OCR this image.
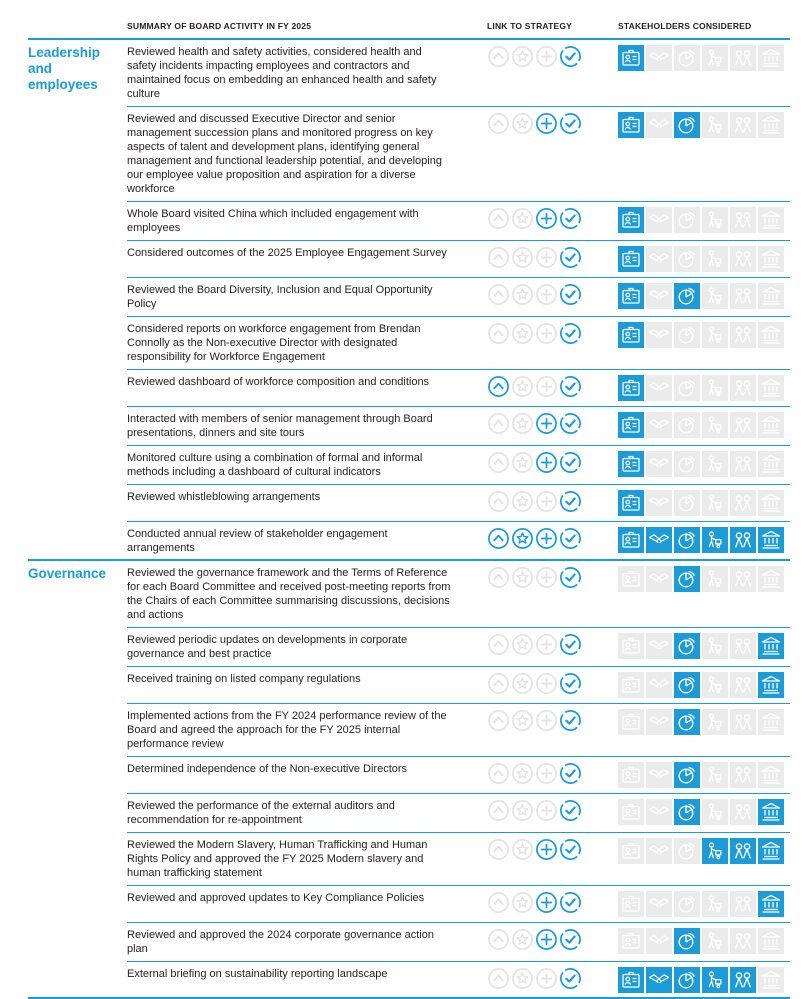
SUMMARY OF BOARD ACTIVITY IN FY 2025	LINK TO STRATEGY	STAKEHOLDERS CONSIDERED
Leadership and employees

Reviewed health and safety activities, considered health and safety incidents impacting employees and contractors and maintained focus on embedding an enhanced health and safety culture

Reviewed and discussed Executive Director and senior management succession plans and monitored progress on key aspects of talent and development plans, identifying general management and functional leadership potential, and developing our employee value proposition and aspiration for a diverse workforce

Whole Board visited China which included engagement with employees

Considered outcomes of the 2025 Employee Engagement Survey

Reviewed the Board Diversity, Inclusion and Equal Opportunity Policy

Considered reports on workforce engagement from Brendan Connolly as the Non-executive Director with designated responsibility for Workforce Engagement

Reviewed dashboard of workforce composition and conditions

Interacted with members of senior management through Board presentations, dinners and site tours

Monitored culture using a combination of formal and informal methods including a dashboard of cultural indicators

Reviewed whistleblowing arrangements

Conducted annual review of stakeholder engagement arrangements

Governance	Reviewed the governance framework and the Terms of Reference for each Board Committee and received post-meeting reports from the Chairs of each Committee summarising discussions, decisions and actions

Reviewed periodic updates on developments in corporate governance and best practice

Received training on listed company regulations

Implemented actions from the FY 2024 performance review of the Board and agreed the approach for the FY 2025 internal performance review

Determined independence of the Non-executive Directors

Reviewed the performance of the external auditors and recommendation for re-appointment

Reviewed the Modern Slavery, Human Trafficking and Human Rights Policy and approved the FY 2025 Modern slavery and human trafficking statement

Reviewed and approved updates to Key Compliance Policies

Reviewed and approved the 2024 corporate governance action plan

External briefing on sustainability reporting landscape
